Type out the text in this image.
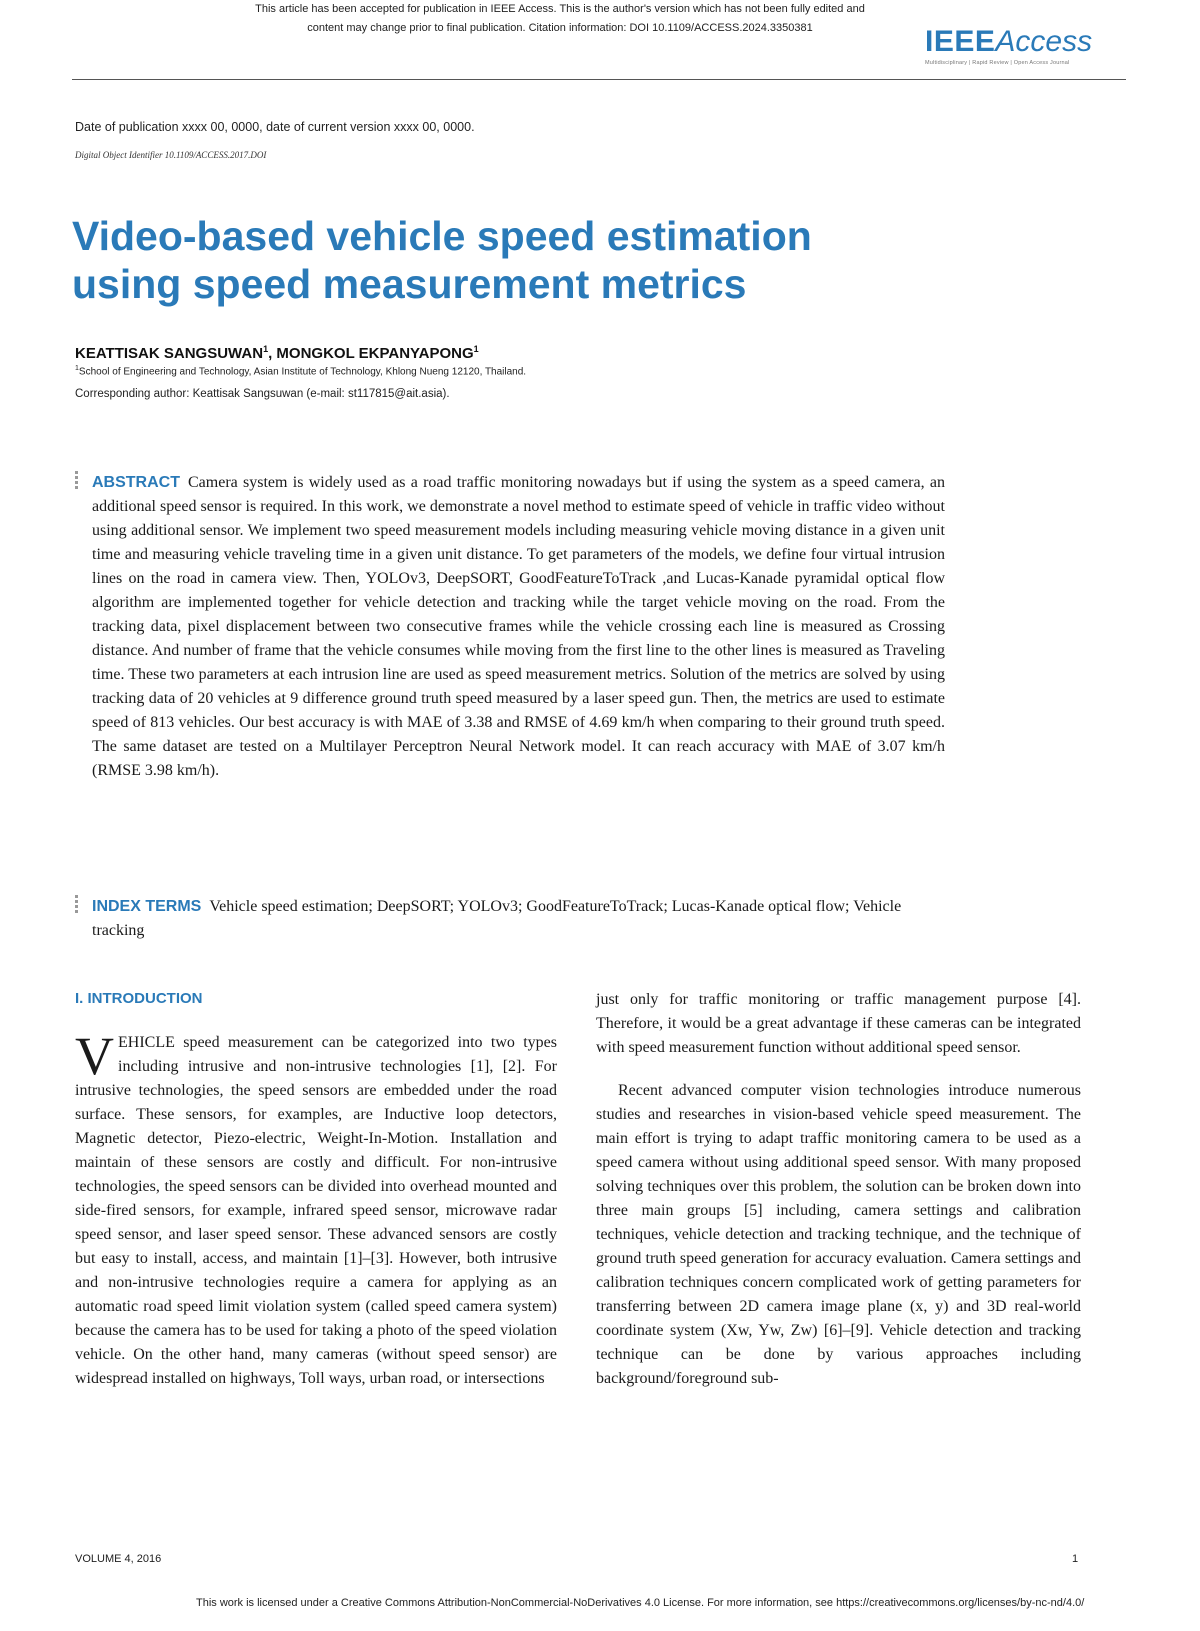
This article has been accepted for publication in IEEE Access. This is the author's version which has not been fully edited and
content may change prior to final publication. Citation information: DOI 10.1109/ACCESS.2024.3350381	IEEEAccess
Multidisciplinary | Rapid Review | Open Access Journal
Date of publication xxxx 00, 0000, date of current version xxxx 00, 0000.
Digital Object Identifier 10.1109/ACCESS.2017.DOI
Video-based vehicle speed estimation
using speed measurement metrics
KEATTISAK SANGSUWAN$^1$, MONGKOL EKPANYAPONG$^1$
$^1$School of Engineering and Technology, Asian Institute of Technology, Khlong Nueng 12120, Thailand.
Corresponding author: Keattisak Sangsuwan (e-mail: st117815@ait.asia).
ABSTRACT Camera system is widely used as a road traffic monitoring nowadays but if using the system as a speed camera, an additional speed sensor is required. In this work, we demonstrate a novel method to estimate speed of vehicle in traffic video without using additional sensor. We implement two speed measurement models including measuring vehicle moving distance in a given unit time and measuring vehicle traveling time in a given unit distance. To get parameters of the models, we define four virtual intrusion lines on the road in camera view. Then, YOLOv3, DeepSORT, GoodFeatureToTrack ,and Lucas-Kanade pyramidal optical flow algorithm are implemented together for vehicle detection and tracking while the target vehicle moving on the road. From the tracking data, pixel displacement between two consecutive frames while the vehicle crossing each line is measured as Crossing distance. And number of frame that the vehicle consumes while moving from the first line to the other lines is measured as Traveling time. These two parameters at each intrusion line are used as speed measurement metrics. Solution of the metrics are solved by using tracking data of 20 vehicles at 9 difference ground truth speed measured by a laser speed gun. Then, the metrics are used to estimate speed of 813 vehicles. Our best accuracy is with MAE of 3.38 and RMSE of 4.69 km/h when comparing to their ground truth speed. The same dataset are tested on a Multilayer Perceptron Neural Network model. It can reach accuracy with MAE of 3.07 km/h (RMSE 3.98 km/h).
INDEX TERMS Vehicle speed estimation; DeepSORT; YOLOv3; GoodFeatureToTrack; Lucas-Kanade optical flow; Vehicle tracking
I. INTRODUCTION
VEHICLE speed measurement can be categorized into two types including intrusive and non-intrusive technologies [1], [2]. For intrusive technologies, the speed sensors are embedded under the road surface. These sensors, for examples, are Inductive loop detectors, Magnetic detector, Piezo-electric, Weight-In-Motion. Installation and maintain of these sensors are costly and difficult. For non-intrusive technologies, the speed sensors can be divided into overhead mounted and side-fired sensors, for example, infrared speed sensor, microwave radar speed sensor, and laser speed sensor. These advanced sensors are costly but easy to install, access, and maintain [1]–[3]. However, both intrusive and non-intrusive technologies require a camera for applying as an automatic road speed limit violation system (called speed camera system) because the camera has to be used for taking a photo of the speed violation vehicle. On the other hand, many cameras (without speed sensor) are widespread installed on highways, Toll ways, urban road, or intersections

just only for traffic monitoring or traffic management purpose [4]. Therefore, it would be a great advantage if these cameras can be integrated with speed measurement function without additional speed sensor.

Recent advanced computer vision technologies introduce numerous studies and researches in vision-based vehicle speed measurement. The main effort is trying to adapt traffic monitoring camera to be used as a speed camera without using additional speed sensor. With many proposed solving techniques over this problem, the solution can be broken down into three main groups [5] including, camera settings and calibration techniques, vehicle detection and tracking technique, and the technique of ground truth speed generation for accuracy evaluation. Camera settings and calibration techniques concern complicated work of getting parameters for transferring between 2D camera image plane (x, y) and 3D real-world coordinate system (Xw, Yw, Zw) [6]–[9]. Vehicle detection and tracking technique can be done by various approaches including background/foreground sub-

VOLUME 4, 2016	1
This work is licensed under a Creative Commons Attribution-NonCommercial-NoDerivatives 4.0 License. For more information, see https://creativecommons.org/licenses/by-nc-nd/4.0/
